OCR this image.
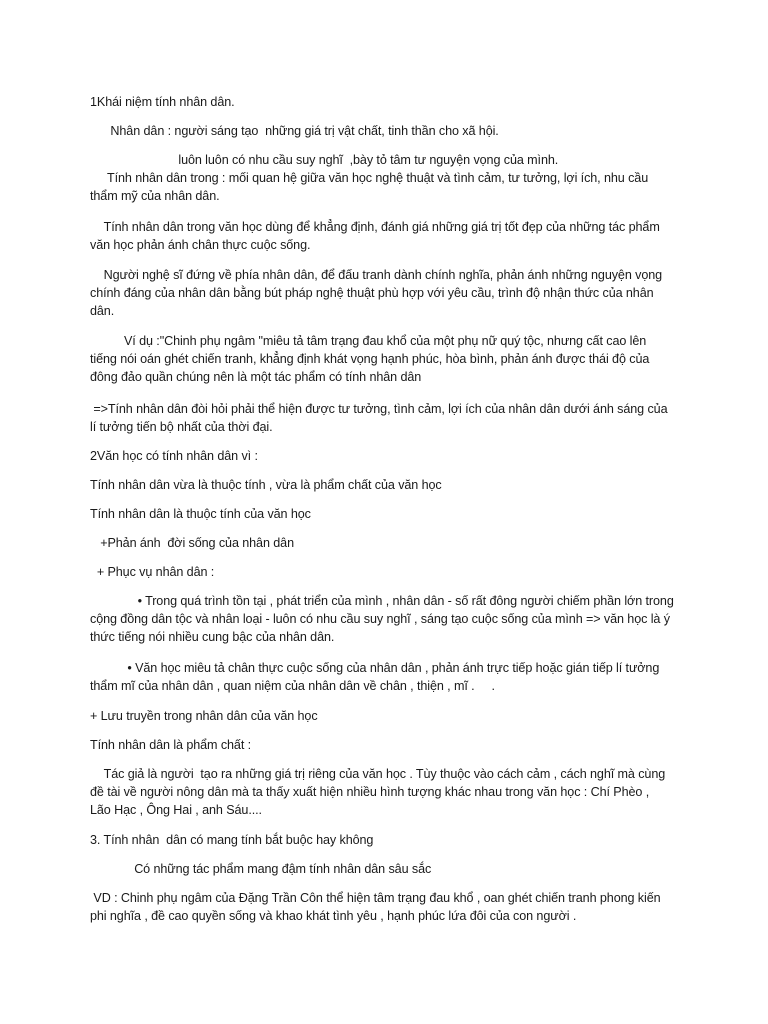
1Khái niệm tính nhân dân.
Nhân dân : người sáng tạo  những giá trị vật chất, tinh thần cho xã hội.
luôn luôn có nhu cầu suy nghĩ  ,bày tỏ tâm tư nguyện vọng của mình.
Tính nhân dân trong : mối quan hệ giữa văn học nghệ thuật và tình cảm, tư tưởng, lợi ích, nhu cầu
thẩm mỹ của nhân dân.
Tính nhân dân trong văn học dùng để khẳng định, đánh giá những giá trị tốt đẹp của những tác phẩm
văn học phản ánh chân thực cuộc sống.
Người nghệ sĩ đứng về phía nhân dân, để đấu tranh dành chính nghĩa, phản ánh những nguyện vọng
chính đáng của nhân dân bằng bút pháp nghệ thuật phù hợp với yêu cầu, trình độ nhận thức của nhân
dân.
Ví dụ :"Chinh phụ ngâm "miêu tả tâm trạng đau khổ của một phụ nữ quý tộc, nhưng cất cao lên
tiếng nói oán ghét chiến tranh, khẳng định khát vọng hạnh phúc, hòa bình, phản ánh được thái độ của
đông đảo quần chúng nên là một tác phẩm có tính nhân dân
=>Tính nhân dân đòi hỏi phải thể hiện được tư tưởng, tình cảm, lợi ích của nhân dân dưới ánh sáng của
lí tưởng tiến bộ nhất của thời đại.
2Văn học có tính nhân dân vì :
Tính nhân dân vừa là thuộc tính , vừa là phẩm chất của văn học
Tính nhân dân là thuộc tính của văn học
+Phản ánh  đời sống của nhân dân
+ Phục vụ nhân dân :
• Trong quá trình tồn tại , phát triển của mình , nhân dân - số rất đông người chiếm phần lớn trong
cộng đồng dân tộc và nhân loại - luôn có nhu cầu suy nghĩ , sáng tạo cuộc sống của mình => văn học là ý
thức tiếng nói nhiều cung bậc của nhân dân.
• Văn học miêu tả chân thực cuộc sống của nhân dân , phản ánh trực tiếp hoặc gián tiếp lí tưởng
thẩm mĩ của nhân dân , quan niệm của nhân dân về chân , thiện , mĩ .     .
+ Lưu truyền trong nhân dân của văn học
Tính nhân dân là phẩm chất :
Tác giả là người  tạo ra những giá trị riêng của văn học . Tùy thuộc vào cách cảm , cách nghĩ mà cùng
đề tài về người nông dân mà ta thấy xuất hiện nhiều hình tượng khác nhau trong văn học : Chí Phèo ,
Lão Hạc , Ông Hai , anh Sáu....
3. Tính nhân  dân có mang tính bắt buộc hay không
Có những tác phẩm mang đậm tính nhân dân sâu sắc
VD : Chinh phụ ngâm của Đặng Trần Côn thể hiện tâm trạng đau khổ , oan ghét chiến tranh phong kiến
phi nghĩa , đề cao quyền sống và khao khát tình yêu , hạnh phúc lứa đôi của con người .
